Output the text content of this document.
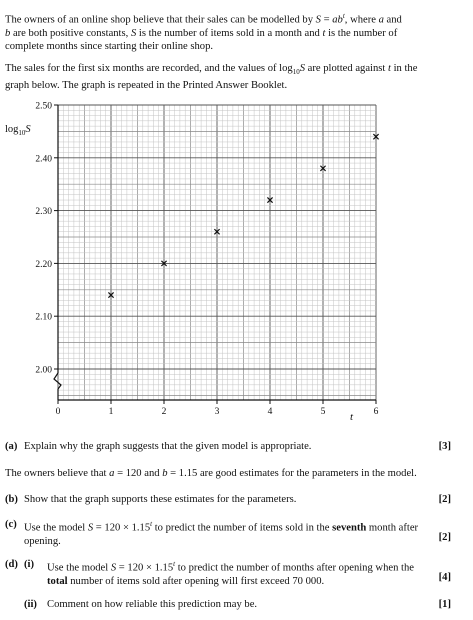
The owners of an online shop believe that their sales can be modelled by $S = ab^t$, where a and
b are both positive constants, S is the number of items sold in a month and t is the number of
complete months since starting their online shop.
The sales for the first six months are recorded, and the values of $\log_{10}S$ are plotted against t in the
graph below. The graph is repeated in the Printed Answer Booklet.
2.00
2.10
2.20
2.30
2.40
2.50
0	1	2	3	4	5	6
$\log_{10}S$
t
(a) Explain why the graph suggests that the given model is appropriate.	[3]
The owners believe that a = 120 and b = 1.15 are good estimates for the parameters in the model.
(b) Show that the graph supports these estimates for the parameters.	[2]
(c) Use the model $S = 120 \times 1.15^t$ to predict the number of items sold in the seventh month after
opening.	[2]
(d) (i) Use the model $S = 120 \times 1.15^t$ to predict the number of months after opening when the
total number of items sold after opening will first exceed 70 000.	[4]
(ii) Comment on how reliable this prediction may be.	[1]
